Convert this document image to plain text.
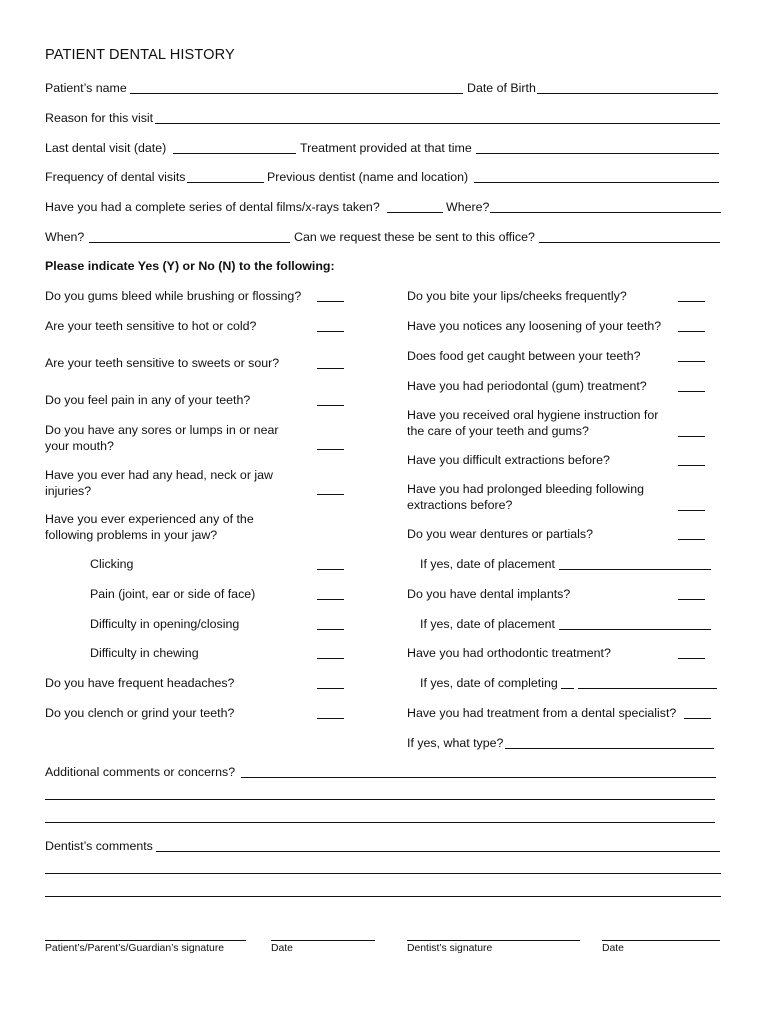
PATIENT DENTAL HISTORY
Patient’s name	Date of Birth
Reason for this visit
Last dental visit (date)	Treatment provided at that time
Frequency of dental visits	Previous dentist (name and location)
Have you had a complete series of dental films/x-rays taken?	Where?
When?	Can we request these be sent to this office?
Please indicate Yes (Y) or No (N) to the following:
Do you gums bleed while brushing or flossing?
Are your teeth sensitive to hot or cold?
Are your teeth sensitive to sweets or sour?
Do you feel pain in any of your teeth?
Do you have any sores or lumps in or near your mouth?
Have you ever had any head, neck or jaw injuries?
Have you ever experienced any of the following problems in your jaw?
Clicking
Pain (joint, ear or side of face)
Difficulty in opening/closing
Difficulty in chewing
Do you have frequent headaches?
Do you clench or grind your teeth?
Do you bite your lips/cheeks frequently?
Have you notices any loosening of your teeth?
Does food get caught between your teeth?
Have you had periodontal (gum) treatment?
Have you received oral hygiene instruction for the care of your teeth and gums?
Have you difficult extractions before?
Have you had prolonged bleeding following extractions before?
Do you wear dentures or partials?
If yes, date of placement
Do you have dental implants?
If yes, date of placement
Have you had orthodontic treatment?
If yes, date of completing
Have you had treatment from a dental specialist?
If yes, what type?
Additional comments or concerns?
Dentist’s comments
Patient’s/Parent’s/Guardian’s signature	Date	Dentist’s signature	Date
